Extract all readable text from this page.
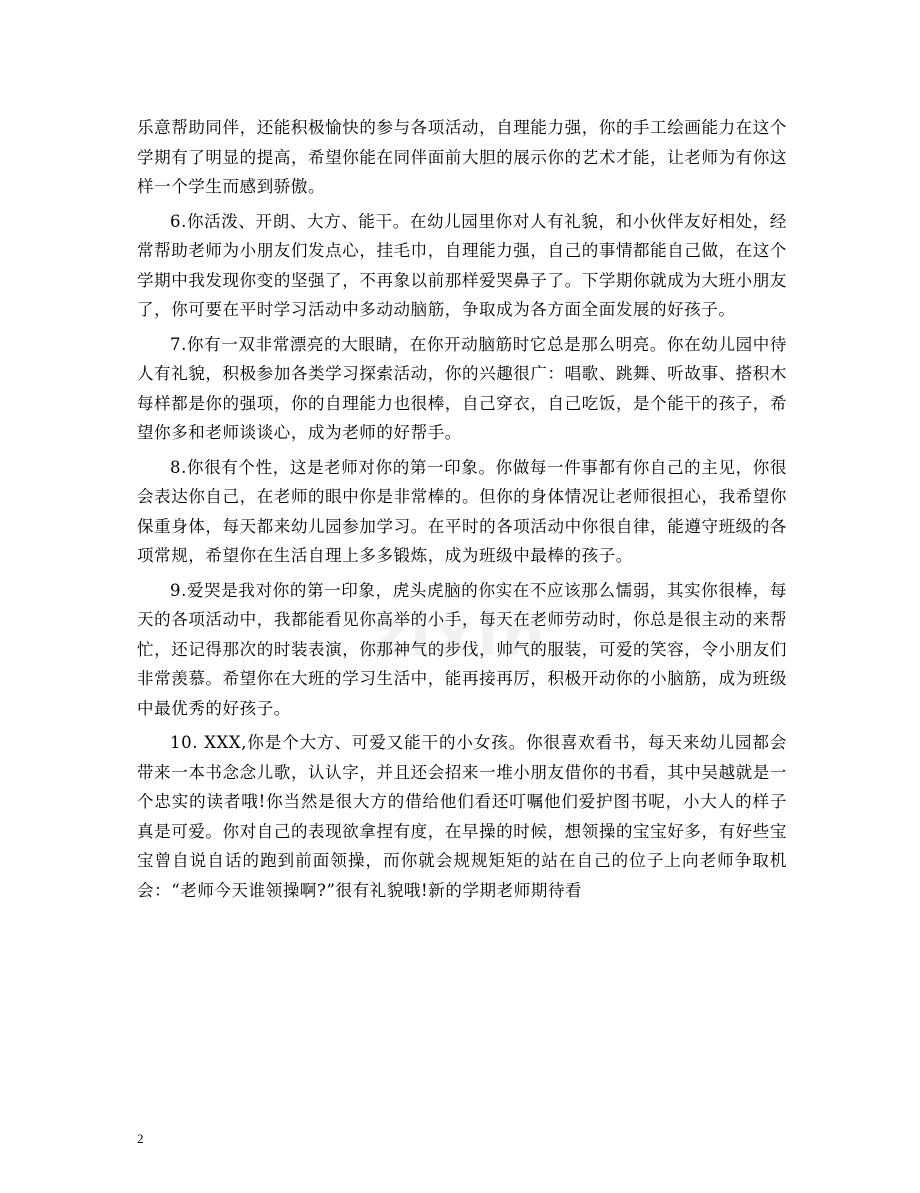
zixin

乐意帮助同伴，还能积极愉快的参与各项活动，自理能力强，你的手工绘画能力在这个学期有了明显的提高，希望你能在同伴面前大胆的展示你的艺术才能，让老师为有你这样一个学生而感到骄傲。

6.你活泼、开朗、大方、能干。在幼儿园里你对人有礼貌，和小伙伴友好相处，经常帮助老师为小朋友们发点心，挂毛巾，自理能力强，自己的事情都能自己做，在这个学期中我发现你变的坚强了，不再象以前那样爱哭鼻子了。下学期你就成为大班小朋友了，你可要在平时学习活动中多动动脑筋，争取成为各方面全面发展的好孩子。

7.你有一双非常漂亮的大眼睛，在你开动脑筋时它总是那么明亮。你在幼儿园中待人有礼貌，积极参加各类学习探索活动，你的兴趣很广：唱歌、跳舞、听故事、搭积木每样都是你的强项，你的自理能力也很棒，自己穿衣，自己吃饭，是个能干的孩子，希望你多和老师谈谈心，成为老师的好帮手。

8.你很有个性，这是老师对你的第一印象。你做每一件事都有你自己的主见，你很会表达你自己，在老师的眼中你是非常棒的。但你的身体情况让老师很担心，我希望你保重身体，每天都来幼儿园参加学习。在平时的各项活动中你很自律，能遵守班级的各项常规，希望你在生活自理上多多锻炼，成为班级中最棒的孩子。

9.爱哭是我对你的第一印象，虎头虎脑的你实在不应该那么懦弱，其实你很棒，每天的各项活动中，我都能看见你高举的小手，每天在老师劳动时，你总是很主动的来帮忙，还记得那次的时装表演，你那神气的步伐，帅气的服装，可爱的笑容，令小朋友们非常羡慕。希望你在大班的学习生活中，能再接再厉，积极开动你的小脑筋，成为班级中最优秀的好孩子。

10. XXX,你是个大方、可爱又能干的小女孩。你很喜欢看书，每天来幼儿园都会带来一本书念念儿歌，认认字，并且还会招来一堆小朋友借你的书看，其中吴越就是一个忠实的读者哦!你当然是很大方的借给他们看还叮嘱他们爱护图书呢，小大人的样子真是可爱。你对自己的表现欲拿捏有度，在早操的时候，想领操的宝宝好多，有好些宝宝曾自说自话的跑到前面领操，而你就会规规矩矩的站在自己的位子上向老师争取机会：“老师今天谁领操啊?”很有礼貌哦!新的学期老师期待看

2
